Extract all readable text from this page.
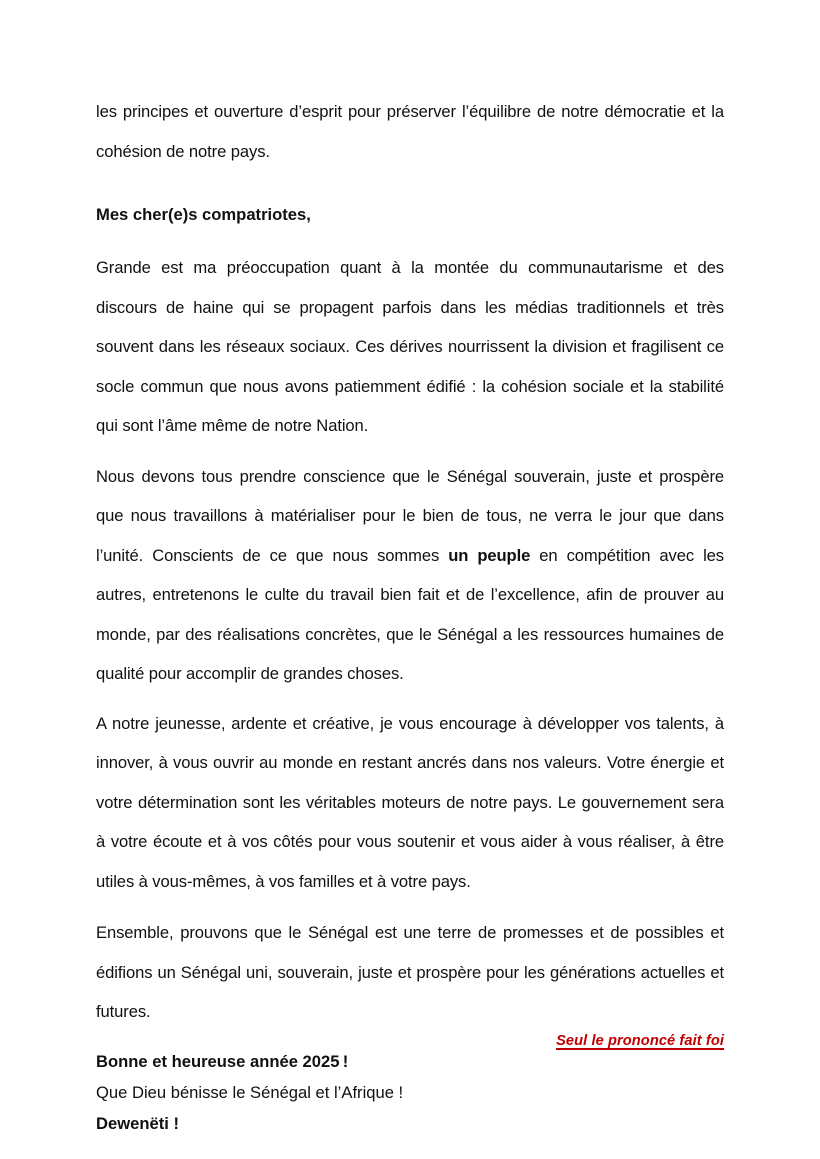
les principes et ouverture d’esprit pour préserver l’équilibre de notre démocratie et la cohésion de notre pays.

Mes cher(e)s compatriotes,

Grande est ma préoccupation quant à la montée du communautarisme et des discours de haine qui se propagent parfois dans les médias traditionnels et très souvent dans les réseaux sociaux. Ces dérives nourrissent la division et fragilisent ce socle commun que nous avons patiemment édifié : la cohésion sociale et la stabilité qui sont l’âme même de notre Nation.

Nous devons tous prendre conscience que le Sénégal souverain, juste et prospère que nous travaillons à matérialiser pour le bien de tous, ne verra le jour que dans l’unité. Conscients de ce que nous sommes un peuple en compétition avec les autres, entretenons le culte du travail bien fait et de l’excellence, afin de prouver au monde, par des réalisations concrètes, que le Sénégal a les ressources humaines de qualité pour accomplir de grandes choses.

A notre jeunesse, ardente et créative, je vous encourage à développer vos talents, à innover, à vous ouvrir au monde en restant ancrés dans nos valeurs. Votre énergie et votre détermination sont les véritables moteurs de notre pays. Le gouvernement sera à votre écoute et à vos côtés pour vous soutenir et vous aider à vous réaliser, à être utiles à vous-mêmes, à vos familles et à votre pays.

Ensemble, prouvons que le Sénégal est une terre de promesses et de possibles et édifions un Sénégal uni, souverain, juste et prospère pour les générations actuelles et futures.

Bonne et heureuse année 2025 !

Que Dieu bénisse le Sénégal et l’Afrique !

Dewenëti !

Seul le prononcé fait foi
